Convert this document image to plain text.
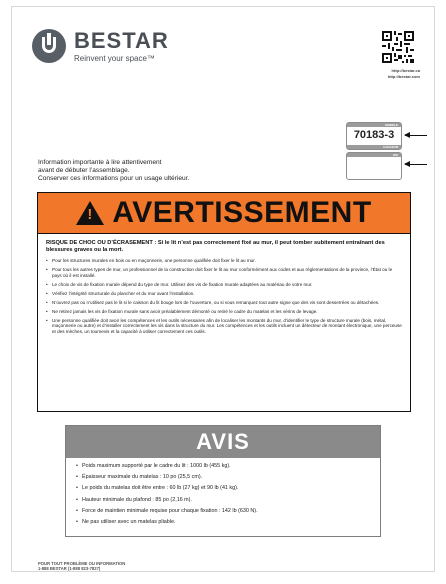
BESTAR
Reinvent your space™
http://bestar.ca
http://bestar.com
MODÈLE
70183-3
COULEUR
WO
Information importante à lire attentivement
avant de débuter l’assemblage.
Conserver ces informations pour un usage ultérieur.
! AVERTISSEMENT
RISQUE DE CHOC OU D’ÉCRASEMENT : Si le lit n’est pas correctement fixé au mur, il peut tomber subitement entraînant des blessures graves ou la mort.
• Pour les structures murales en bois ou en maçonnerie, une personne qualifiée doit fixer le lit au mur.
• Pour tous les autres types de mur, un professionnel de la construction doit fixer le lit au mur conformément aux codes et aux réglementations de la province, l’État ou le pays où il est installé.
• Le choix de vis de fixation murale dépend du type de mur. Utilisez des vis de fixation murale adaptées au matériau de votre mur.
• Vérifiez l’intégrité structurale du plancher et du mur avant l’installation.
• N’ouvrez pas ou n’utilisez pas le lit si le caisson du lit bouge lors de l’ouverture, ou si vous remarquez tout autre signe que des vis sont desserrées ou détachées.
• Ne retirez jamais les vis de fixation murale sans avoir préalablement démonté ou retiré le cadre du matelas et les vérins de levage.
• Une personne qualifiée doit avoir les compétences et les outils nécessaires afin de localiser les montants du mur, d’identifier le type de structure murale (bois, métal, maçonnerie ou autre) et d’installer correctement les vis dans la structure du mur. Les compétences et les outils incluent un détecteur de montant électronique, une perceuse et des mèches, un tournevis et la capacité à utiliser correctement ces outils.
AVIS
• Poids maximum supporté par le cadre du lit : 1000 lb (455 kg).
• Épaisseur maximale du matelas : 10 po (25,5 cm).
• Le poids du matelas doit être entre : 60 lb (27 kg) et 90 lb (41 kg).
• Hauteur minimale du plafond : 85 po (2,16 m).
• Force de maintien minimale requise pour chaque fixation : 142 lb (630 N).
• Ne pas utiliser avec un matelas pliable.
POUR TOUT PROBLÈME OU INFORMATION
1-888 BESTAR (1-888 823-7827)
